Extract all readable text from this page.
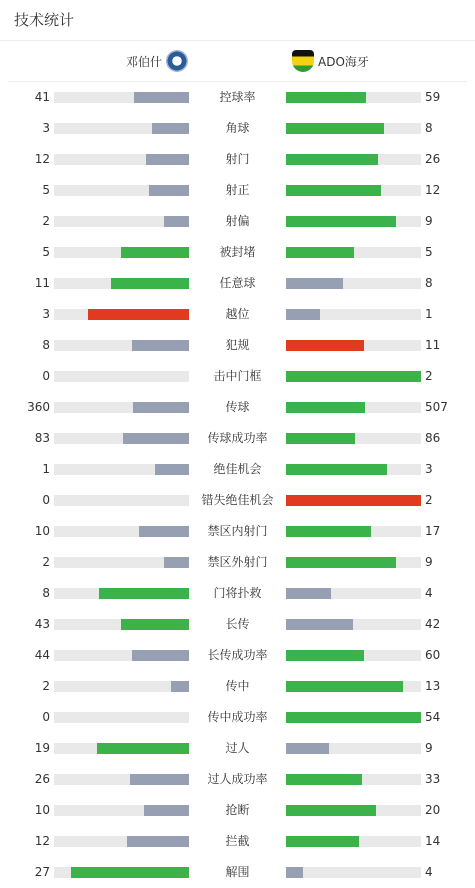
技术统计
邓伯什	ADO海牙
41	控球率	59
3	角球	8
12	射门	26
5	射正	12
2	射偏	9
5	被封堵	5
11	任意球	8
3	越位	1
8	犯规	11
0	击中门框	2
360	传球	507
83	传球成功率	86
1	绝佳机会	3
0	错失绝佳机会	2
10	禁区内射门	17
2	禁区外射门	9
8	门将扑救	4
43	长传	42
44	长传成功率	60
2	传中	13
0	传中成功率	54
19	过人	9
26	过人成功率	33
10	抢断	20
12	拦截	14
27	解围	4
